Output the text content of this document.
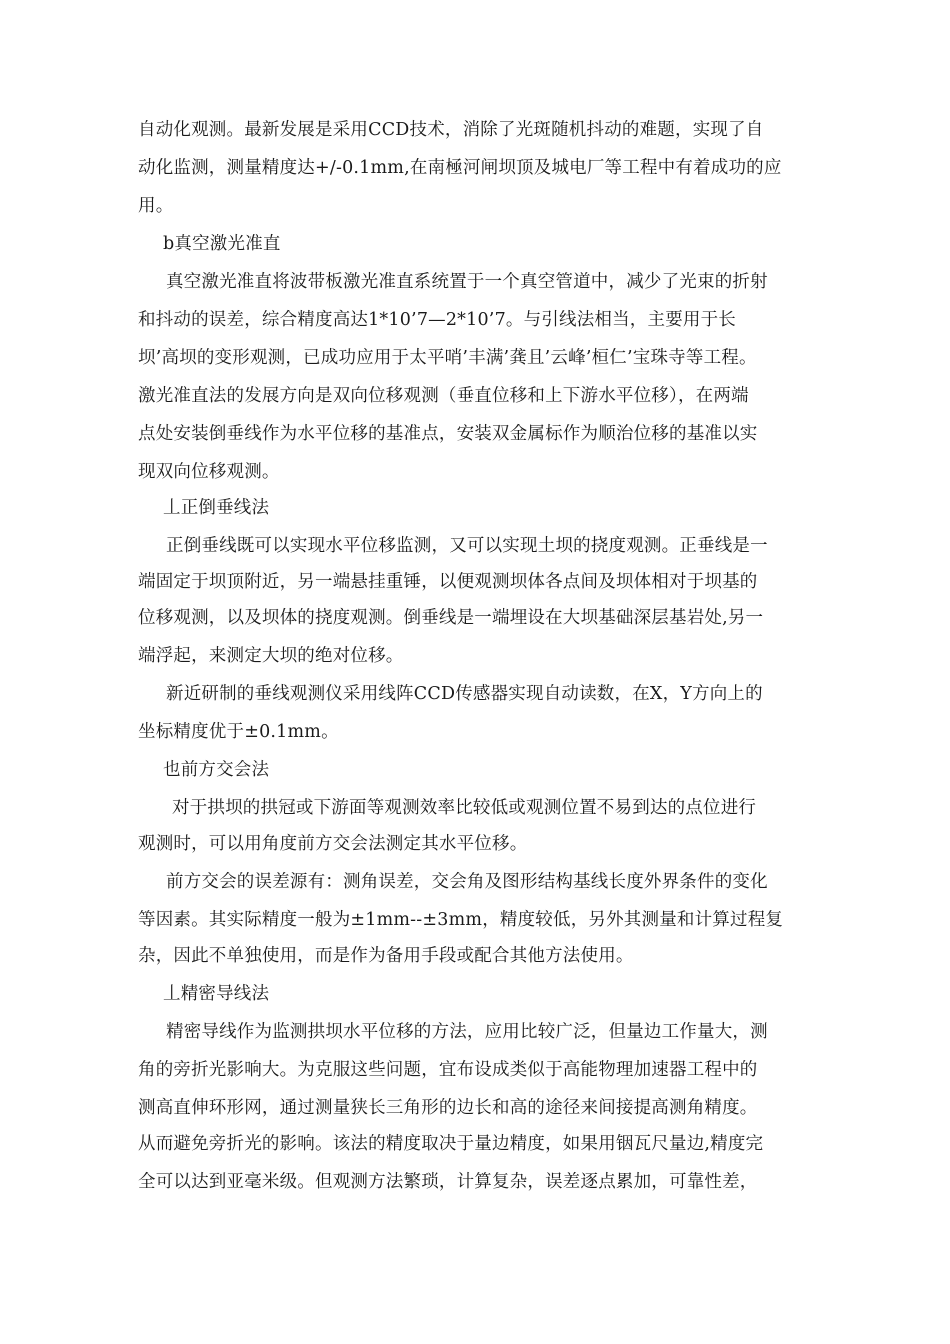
自动化观测。最新发展是采用CCD技术，消除了光斑随机抖动的难题，实现了自
动化监测，测量精度达+/-0.1mm,在南極河闸坝顶及城电厂等工程中有着成功的应
用。
b真空激光准直
真空激光准直将波带板激光准直系统置于一个真空管道中，减少了光束的折射
和抖动的误差，综合精度高达1*10’7—2*10’7。与引线法相当，主要用于长
坝’高坝的变形观测，已成功应用于太平哨’丰满’龚且’云峰’桓仁’宝珠寺等工程。
激光准直法的发展方向是双向位移观测（垂直位移和上下游水平位移），在两端
点处安装倒垂线作为水平位移的基准点，安装双金属标作为顺治位移的基准以实
现双向位移观测。
丄正倒垂线法
正倒垂线既可以实现水平位移监测，又可以实现土坝的挠度观测。正垂线是一
端固定于坝顶附近，另一端悬挂重锤，以便观测坝体各点间及坝体相对于坝基的
位移观测，以及坝体的挠度观测。倒垂线是一端埋设在大坝基础深层基岩处,另一
端浮起，来测定大坝的绝对位移。
新近研制的垂线观测仪采用线阵CCD传感器实现自动读数，在X，Y方向上的
坐标精度优于±0.1mm。
也前方交会法
对于拱坝的拱冠或下游面等观测效率比较低或观测位置不易到达的点位进行
观测时，可以用角度前方交会法测定其水平位移。
前方交会的误差源有：测角误差，交会角及图形结构基线长度外界条件的变化
等因素。其实际精度一般为±1mm--±3mm，精度较低，另外其测量和计算过程复
杂，因此不单独使用，而是作为备用手段或配合其他方法使用。
丄精密导线法
精密导线作为监测拱坝水平位移的方法，应用比较广泛，但量边工作量大，测
角的旁折光影响大。为克服这些问题，宜布设成类似于高能物理加速器工程中的
测高直伸环形网，通过测量狭长三角形的边长和高的途径来间接提高测角精度。
从而避免旁折光的影响。该法的精度取决于量边精度，如果用铟瓦尺量边,精度完
全可以达到亚毫米级。但观测方法繁琐，计算复杂，误差逐点累加，可靠性差，
